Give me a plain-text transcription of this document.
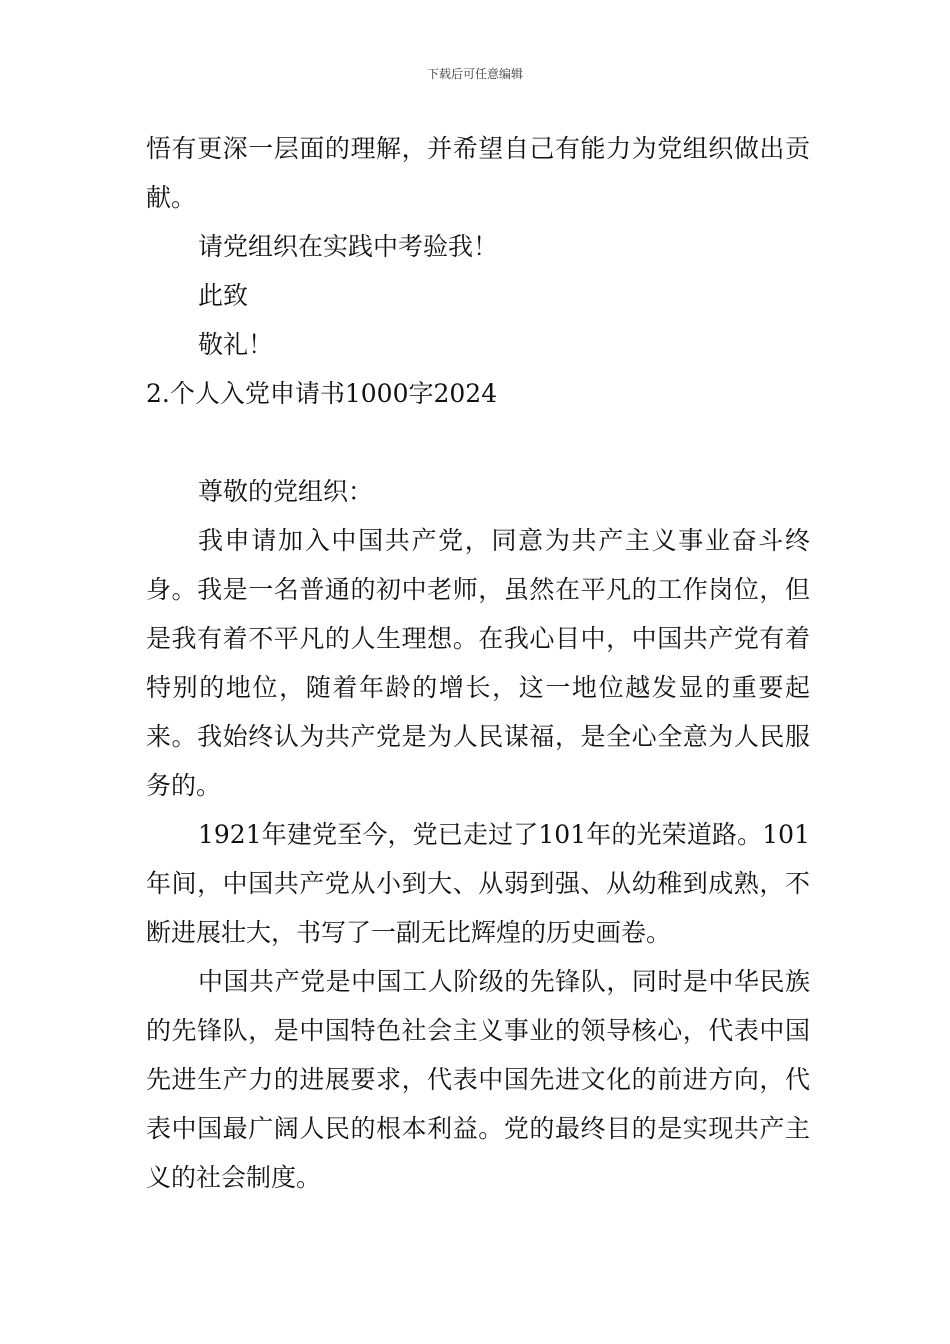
下载后可任意编辑

悟有更深一层面的理解，并希望自己有能力为党组织做出贡献。

请党组织在实践中考验我！

此致

敬礼！

2.个人入党申请书1000字2024

尊敬的党组织：

我申请加入中国共产党，同意为共产主义事业奋斗终身。我是一名普通的初中老师，虽然在平凡的工作岗位，但是我有着不平凡的人生理想。在我心目中，中国共产党有着特别的地位，随着年龄的增长，这一地位越发显的重要起来。我始终认为共产党是为人民谋福，是全心全意为人民服务的。

1921年建党至今，党已走过了101年的光荣道路。101年间，中国共产党从小到大、从弱到强、从幼稚到成熟，不断进展壮大，书写了一副无比辉煌的历史画卷。

中国共产党是中国工人阶级的先锋队，同时是中华民族的先锋队，是中国特色社会主义事业的领导核心，代表中国先进生产力的进展要求，代表中国先进文化的前进方向，代表中国最广阔人民的根本利益。党的最终目的是实现共产主义的社会制度。
